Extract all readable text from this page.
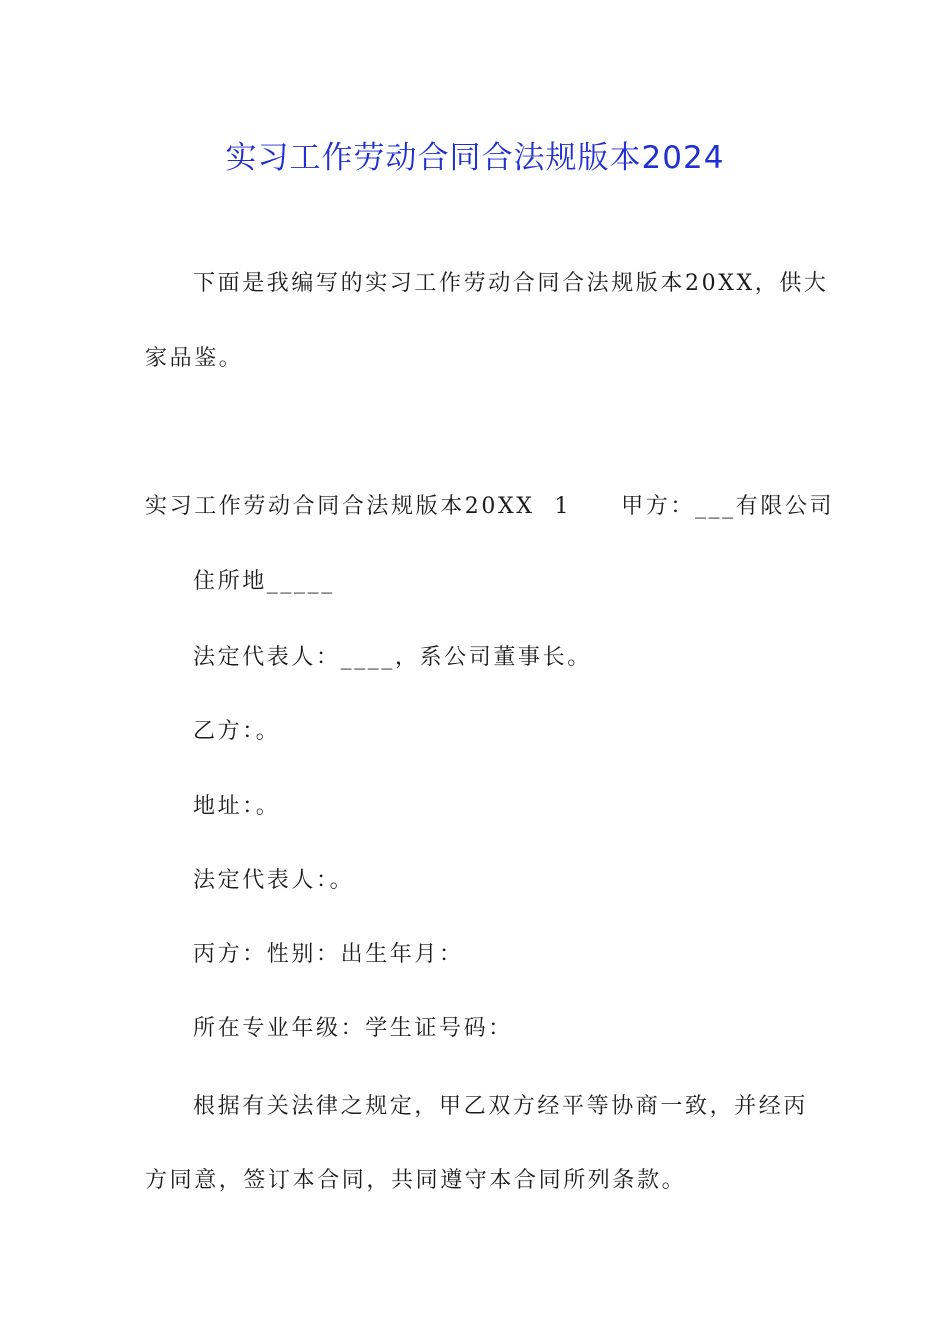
实习工作劳动合同合法规版本2024
下面是我编写的实习工作劳动合同合法规版本20XX，供大
家品鉴。
实习工作劳动合同合法规版本20XX 1 甲方：___有限公司
住所地_____
法定代表人：____，系公司董事长。
乙方：。
地址：。
法定代表人：。
丙方：性别：出生年月：
所在专业年级：学生证号码：
根据有关法律之规定，甲乙双方经平等协商一致，并经丙
方同意，签订本合同，共同遵守本合同所列条款。
